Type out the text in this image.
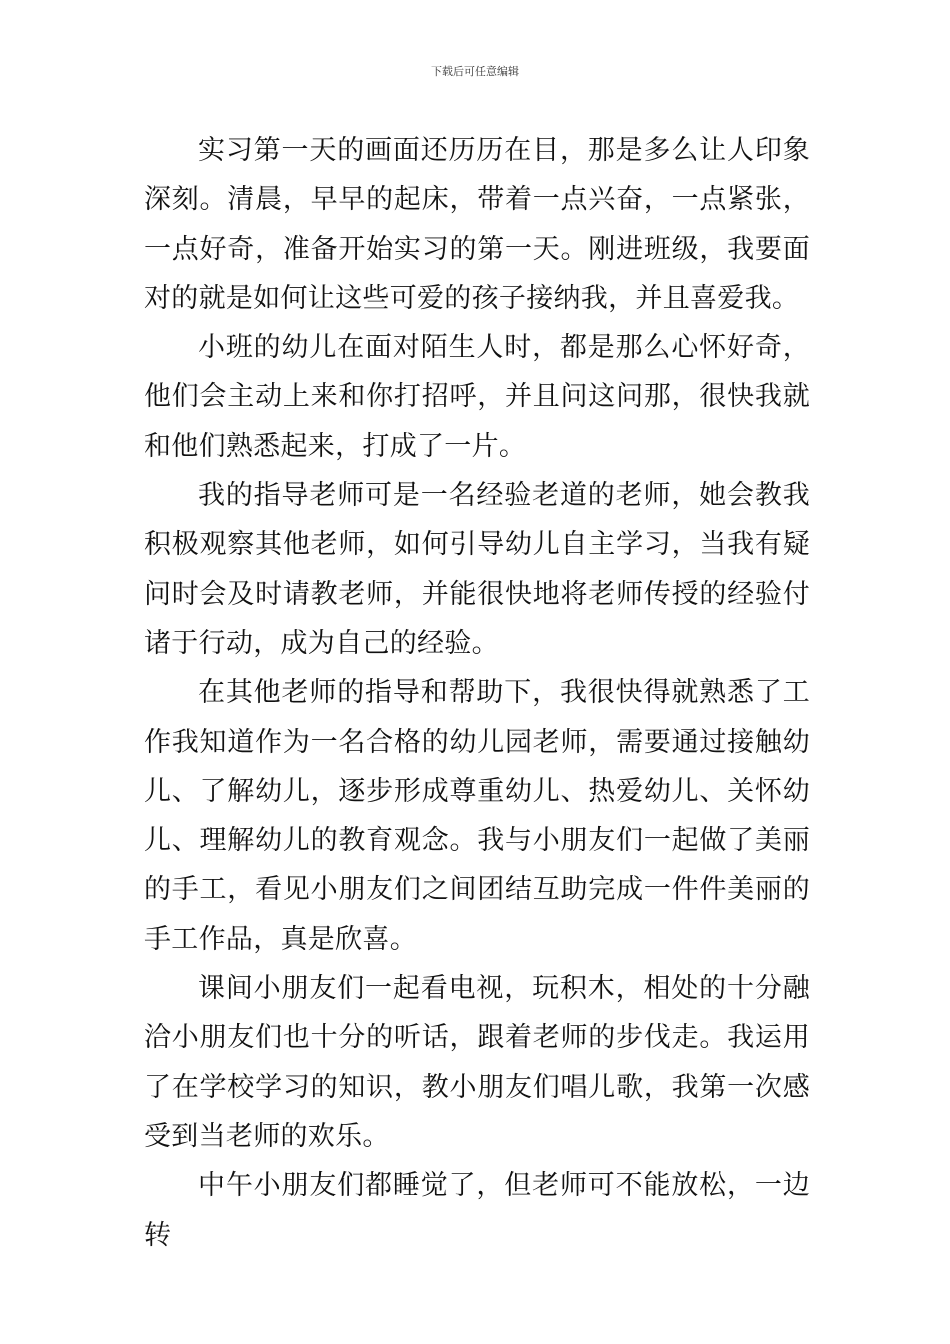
下载后可任意编辑

实习第一天的画面还历历在目，那是多么让人印象深刻。清晨，早早的起床，带着一点兴奋，一点紧张，一点好奇，准备开始实习的第一天。刚进班级，我要面对的就是如何让这些可爱的孩子接纳我，并且喜爱我。

小班的幼儿在面对陌生人时，都是那么心怀好奇，他们会主动上来和你打招呼，并且问这问那，很快我就和他们熟悉起来，打成了一片。

我的指导老师可是一名经验老道的老师，她会教我积极观察其他老师，如何引导幼儿自主学习，当我有疑问时会及时请教老师，并能很快地将老师传授的经验付诸于行动，成为自己的经验。

在其他老师的指导和帮助下，我很快得就熟悉了工作我知道作为一名合格的幼儿园老师，需要通过接触幼儿、了解幼儿，逐步形成尊重幼儿、热爱幼儿、关怀幼儿、理解幼儿的教育观念。我与小朋友们一起做了美丽的手工，看见小朋友们之间团结互助完成一件件美丽的手工作品，真是欣喜。

课间小朋友们一起看电视，玩积木，相处的十分融洽小朋友们也十分的听话，跟着老师的步伐走。我运用了在学校学习的知识，教小朋友们唱儿歌，我第一次感受到当老师的欢乐。

中午小朋友们都睡觉了，但老师可不能放松，一边转
